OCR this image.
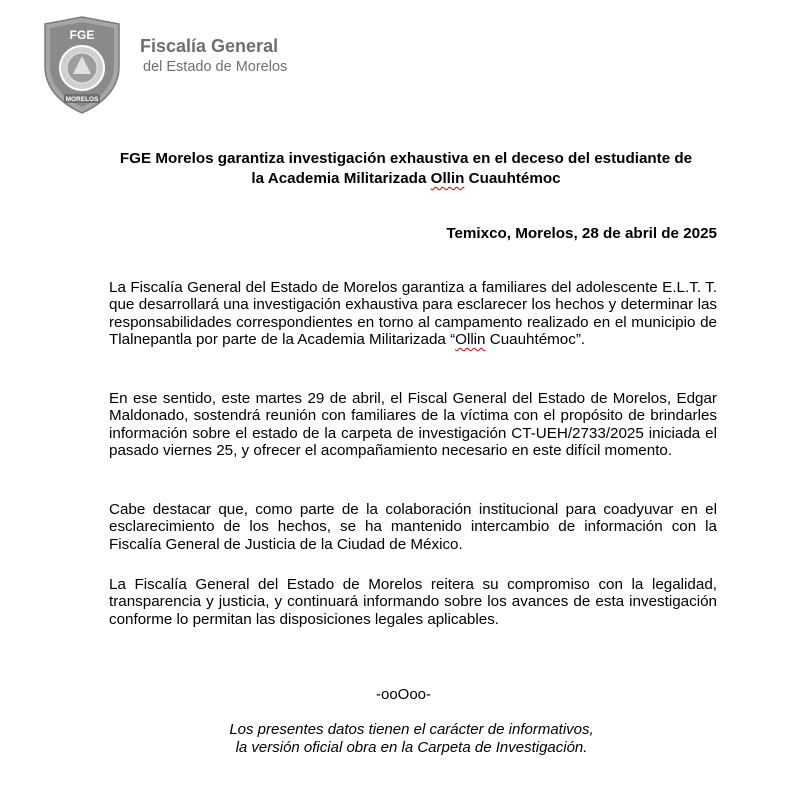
FGE
MORELOS
Fiscalía General
del Estado de Morelos
FGE Morelos garantiza investigación exhaustiva en el deceso del estudiante de
la Academia Militarizada Ollin Cuauhtémoc
Temixco, Morelos, 28 de abril de 2025

La Fiscalía General del Estado de Morelos garantiza a familiares del adolescente E.L.T. T. que desarrollará una investigación exhaustiva para esclarecer los hechos y determinar las responsabilidades correspondientes en torno al campamento realizado en el municipio de Tlalnepantla por parte de la Academia Militarizada “Ollin Cuauhtémoc”.

En ese sentido, este martes 29 de abril, el Fiscal General del Estado de Morelos, Edgar Maldonado, sostendrá reunión con familiares de la víctima con el propósito de brindarles información sobre el estado de la carpeta de investigación CT-UEH/2733/2025 iniciada el pasado viernes 25, y ofrecer el acompañamiento necesario en este difícil momento.

Cabe destacar que, como parte de la colaboración institucional para coadyuvar en el esclarecimiento de los hechos, se ha mantenido intercambio de información con la Fiscalía General de Justicia de la Ciudad de México.

La Fiscalía General del Estado de Morelos reitera su compromiso con la legalidad, transparencia y justicia, y continuará informando sobre los avances de esta investigación conforme lo permitan las disposiciones legales aplicables.

-ooOoo-
Los presentes datos tienen el carácter de informativos,
la versión oficial obra en la Carpeta de Investigación.
